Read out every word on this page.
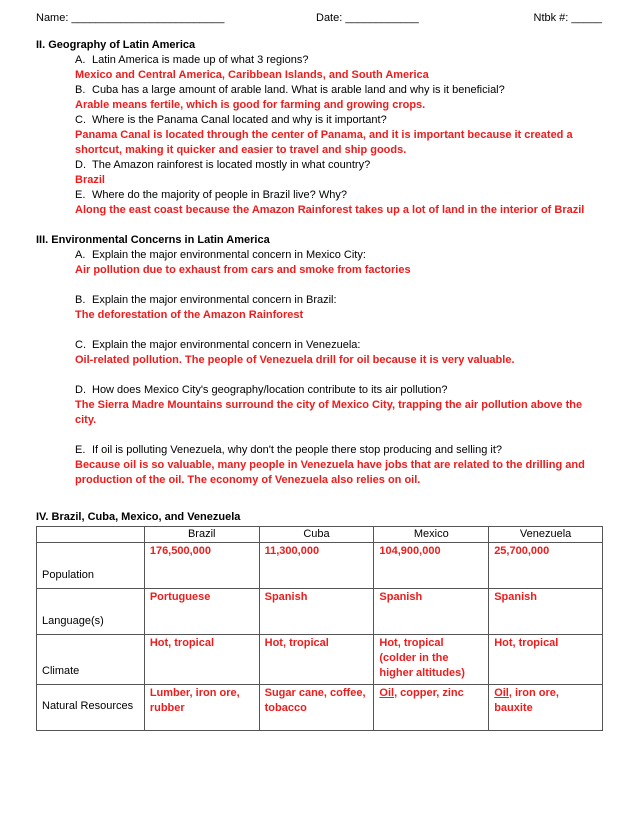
Name: _________________________	Date: ____________	Ntbk #: _____
II. Geography of Latin America
A. Latin America is made up of what 3 regions?
Mexico and Central America, Caribbean Islands, and South America
B. Cuba has a large amount of arable land. What is arable land and why is it beneficial?
Arable means fertile, which is good for farming and growing crops.
C. Where is the Panama Canal located and why is it important?
Panama Canal is located through the center of Panama, and it is important because it created a shortcut, making it quicker and easier to travel and ship goods.
D. The Amazon rainforest is located mostly in what country?
Brazil
E. Where do the majority of people in Brazil live? Why?
Along the east coast because the Amazon Rainforest takes up a lot of land in the interior of Brazil
III. Environmental Concerns in Latin America
A. Explain the major environmental concern in Mexico City:
Air pollution due to exhaust from cars and smoke from factories
B. Explain the major environmental concern in Brazil:
The deforestation of the Amazon Rainforest
C. Explain the major environmental concern in Venezuela:
Oil-related pollution. The people of Venezuela drill for oil because it is very valuable.
D. How does Mexico City's geography/location contribute to its air pollution?
The Sierra Madre Mountains surround the city of Mexico City, trapping the air pollution above the city.
E. If oil is polluting Venezuela, why don't the people there stop producing and selling it?
Because oil is so valuable, many people in Venezuela have jobs that are related to the drilling and production of the oil. The economy of Venezuela also relies on oil.
IV. Brazil, Cuba, Mexico, and Venezuela
	Brazil	Cuba	Mexico	Venezuela
Population	176,500,000	11,300,000	104,900,000	25,700,000
Language(s)	Portuguese	Spanish	Spanish	Spanish
Climate	Hot, tropical	Hot, tropical	Hot, tropical (colder in the higher altitudes)	Hot, tropical
Natural Resources	Lumber, iron ore, rubber	Sugar cane, coffee, tobacco	Oil, copper, zinc	Oil, iron ore, bauxite
